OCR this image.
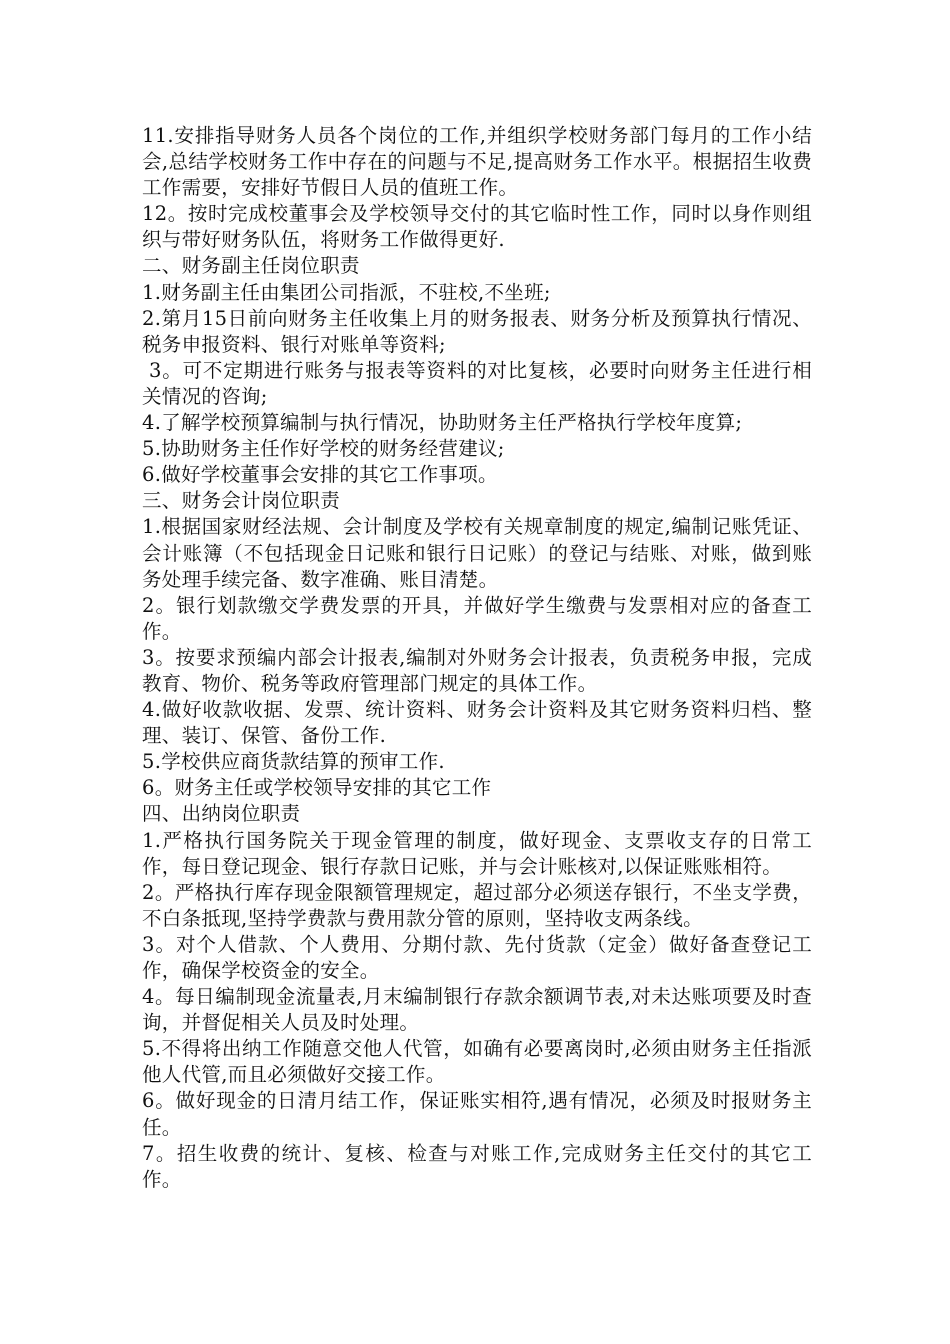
11.安排指导财务人员各个岗位的工作,并组织学校财务部门每月的工作小结会,总结学校财务工作中存在的问题与不足,提高财务工作水平。根据招生收费工作需要，安排好节假日人员的值班工作。

12。按时完成校董事会及学校领导交付的其它临时性工作，同时以身作则组织与带好财务队伍，将财务工作做得更好.

二、财务副主任岗位职责

1.财务副主任由集团公司指派，不驻校,不坐班;

2.第月15日前向财务主任收集上月的财务报表、财务分析及预算执行情况、税务申报资料、银行对账单等资料;

3。可不定期进行账务与报表等资料的对比复核，必要时向财务主任进行相关情况的咨询;

4.了解学校预算编制与执行情况，协助财务主任严格执行学校年度算;

5.协助财务主任作好学校的财务经营建议;

6.做好学校董事会安排的其它工作事项。

三、财务会计岗位职责

1.根据国家财经法规、会计制度及学校有关规章制度的规定,编制记账凭证、会计账簿（不包括现金日记账和银行日记账）的登记与结账、对账，做到账务处理手续完备、数字准确、账目清楚。

2。银行划款缴交学费发票的开具，并做好学生缴费与发票相对应的备查工作。

3。按要求预编内部会计报表,编制对外财务会计报表，负责税务申报，完成教育、物价、税务等政府管理部门规定的具体工作。

4.做好收款收据、发票、统计资料、财务会计资料及其它财务资料归档、整理、装订、保管、备份工作.

5.学校供应商货款结算的预审工作.

6。财务主任或学校领导安排的其它工作

四、出纳岗位职责

1.严格执行国务院关于现金管理的制度，做好现金、支票收支存的日常工作，每日登记现金、银行存款日记账，并与会计账核对,以保证账账相符。

2。严格执行库存现金限额管理规定，超过部分必须送存银行，不坐支学费，不白条抵现,坚持学费款与费用款分管的原则，坚持收支两条线。

3。对个人借款、个人费用、分期付款、先付货款（定金）做好备查登记工作，确保学校资金的安全。

4。每日编制现金流量表,月末编制银行存款余额调节表,对未达账项要及时查询，并督促相关人员及时处理。

5.不得将出纳工作随意交他人代管，如确有必要离岗时,必须由财务主任指派他人代管,而且必须做好交接工作。

6。做好现金的日清月结工作，保证账实相符,遇有情况，必须及时报财务主任。

7。招生收费的统计、复核、检查与对账工作,完成财务主任交付的其它工作。
